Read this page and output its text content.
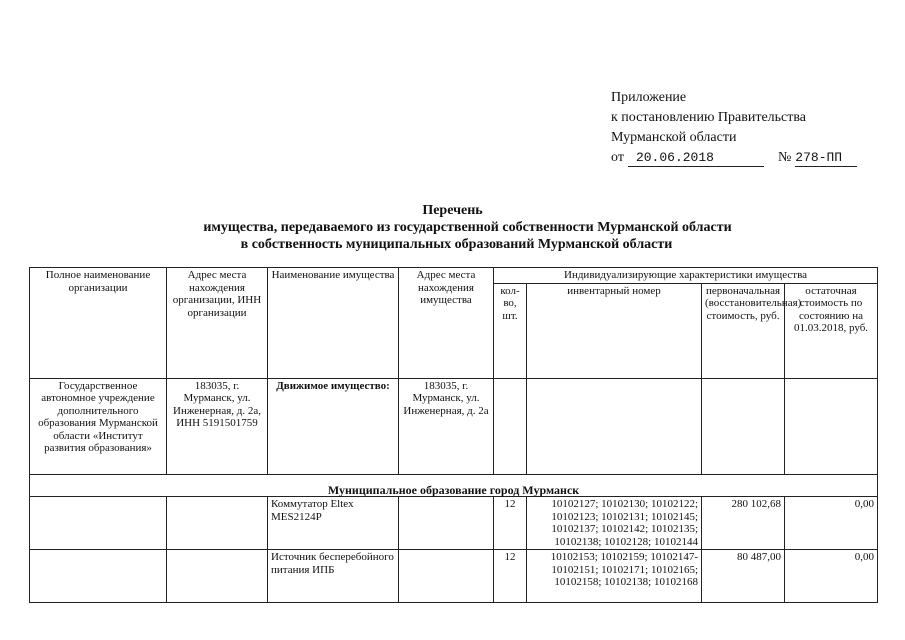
Приложение
к постановлению Правительства
Мурманской области
от 20.06.2018	№ 278-ПП
Перечень
имущества, передаваемого из государственной собственности Мурманской области
в собственность муниципальных образований Мурманской области
Полное наименование организации	Адрес места нахождения организации, ИНН организации	Наименование имущества	Адрес места нахождения имущества	Индивидуализирующие характеристики имущества			
				кол-во, шт.	инвентарный номер	первоначальная (восстановительная) стоимость, руб.	остаточная стоимость по состоянию на 01.03.2018, руб.
Государственное автономное учреждение дополнительного образования Мурманской области «Институт развития образования»	183035, г. Мурманск, ул. Инженерная, д. 2а, ИНН 5191501759	Движимое имущество:	183035, г. Мурманск, ул. Инженерная, д. 2а				
Муниципальное образование город Мурманск							
		Коммутатор Eltex MES2124P		12	10102127; 10102130; 10102122; 10102123; 10102131; 10102145; 10102137; 10102142; 10102135; 10102138; 10102128; 10102144	280 102,68	0,00
		Источник бесперебойного питания ИПБ		12	10102153; 10102159; 10102147-10102151; 10102171; 10102165; 10102158; 10102138; 10102168	80 487,00	0,00
